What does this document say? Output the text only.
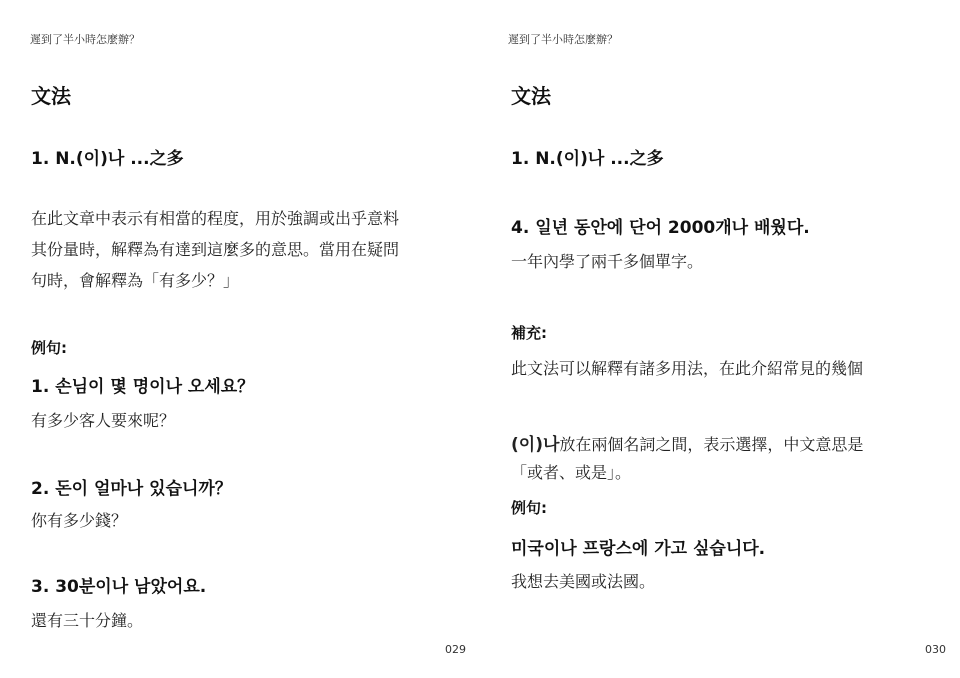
遲到了半小時怎麼辦？
文法
1. N.(이)나 ...之多
在此文章中表示有相當的程度，用於強調或出乎意料
其份量時，解釋為有達到這麼多的意思。當用在疑問
句時，會解釋為「有多少？」
例句:
1. 손님이 몇 명이나 오세요？
有多少客人要來呢？
2. 돈이 얼마나 있습니까？
你有多少錢？
3. 30분이나 남았어요.
還有三十分鐘。
029
遲到了半小時怎麼辦？
文法
1. N.(이)나 ...之多
4. 일년 동안에 단어 2000개나 배웠다.
一年內學了兩千多個單字。
補充:
此文法可以解釋有諸多用法，在此介紹常見的幾個
(이)나放在兩個名詞之間，表示選擇，中文意思是
「或者、或是」。
例句:
미국이나 프랑스에 가고 싶습니다.
我想去美國或法國。
030
